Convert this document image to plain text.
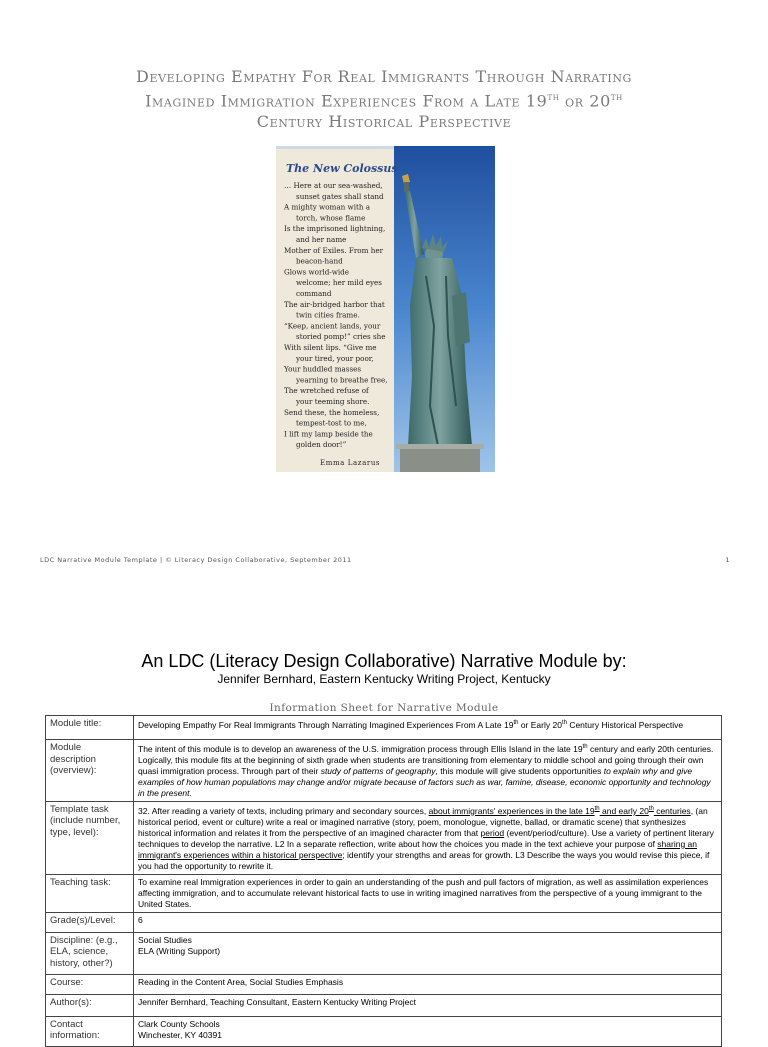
Developing Empathy For Real Immigrants Through Narrating
Imagined Immigration Experiences From a Late 19th or 20th
Century Historical Perspective
The New Colossus
… Here at our sea-washed,
sunset gates shall stand
A mighty woman with a
torch, whose flame
Is the imprisoned lightning,
and her name
Mother of Exiles. From her
beacon-hand
Glows world-wide
welcome; her mild eyes
command
The air-bridged harbor that
twin cities frame.
“Keep, ancient lands, your
storied pomp!” cries she
With silent lips. “Give me
your tired, your poor,
Your huddled masses
yearning to breathe free,
The wretched refuse of
your teeming shore.
Send these, the homeless,
tempest-tost to me,
I lift my lamp beside the
golden door!”
Emma Lazarus
LDC Narrative Module Template | © Literacy Design Collaborative, September 2011	1
An LDC (Literacy Design Collaborative) Narrative Module by:
Jennifer Bernhard, Eastern Kentucky Writing Project, Kentucky
Information Sheet for Narrative Module
Module title:	Developing Empathy For Real Immigrants Through Narrating Imagined Experiences From A Late 19th or Early 20th Century Historical Perspective
Module description (overview):	The intent of this module is to develop an awareness of the U.S. immigration process through Ellis Island in the late 19th century and early 20th centuries. Logically, this module fits at the beginning of sixth grade when students are transitioning from elementary to middle school and going through their own quasi immigration process. Through part of their study of patterns of geography, this module will give students opportunities to explain why and give examples of how human populations may change and/or migrate because of factors such as war, famine, disease, economic opportunity and technology in the present.
Template task (include number, type, level):	32. After reading a variety of texts, including primary and secondary sources, about immigrants' experiences in the late 19th and early 20th centuries, (an historical period, event or culture) write a real or imagined narrative (story, poem, monologue, vignette, ballad, or dramatic scene) that synthesizes historical information and relates it from the perspective of an imagined character from that period (event/period/culture). Use a variety of pertinent literary techniques to develop the narrative. L2 In a separate reflection, write about how the choices you made in the text achieve your purpose of sharing an immigrant's experiences within a historical perspective; identify your strengths and areas for growth. L3 Describe the ways you would revise this piece, if you had the opportunity to rewrite it.
Teaching task:	To examine real Immigration experiences in order to gain an understanding of the push and pull factors of migration, as well as assimilation experiences affecting immigration, and to accumulate relevant historical facts to use in writing imagined narratives from the perspective of a young immigrant to the United States.
Grade(s)/Level:	6
Discipline: (e.g., ELA, science, history, other?)	Social Studies
ELA (Writing Support)

Course:	Reading in the Content Area, Social Studies Emphasis
Author(s):	Jennifer Bernhard, Teaching Consultant, Eastern Kentucky Writing Project
Contact information:	Clark County Schools
Winchester, KY 40391
